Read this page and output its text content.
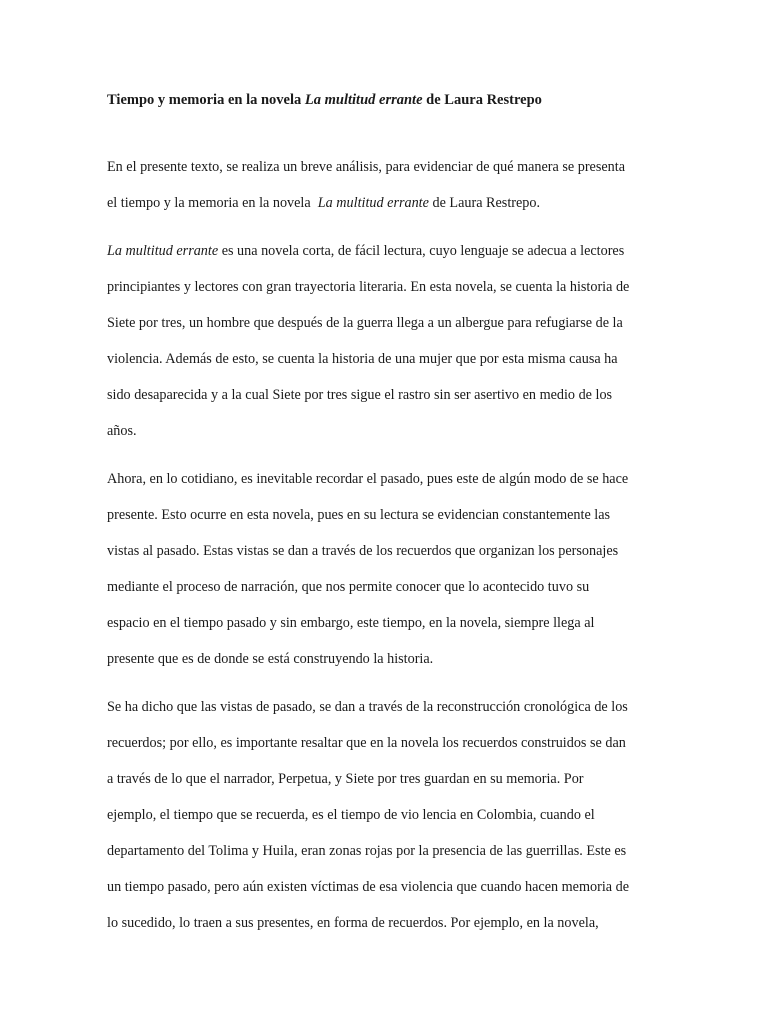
Tiempo y memoria en la novela La multitud errante de Laura Restrepo

En el presente texto, se realiza un breve análisis, para evidenciar de qué manera se presenta

el tiempo y la memoria en la novela  La multitud errante de Laura Restrepo.

La multitud errante es una novela corta, de fácil lectura, cuyo lenguaje se adecua a lectores

principiantes y lectores con gran trayectoria literaria. En esta novela, se cuenta la historia de

Siete por tres, un hombre que después de la guerra llega a un albergue para refugiarse de la

violencia. Además de esto, se cuenta la historia de una mujer que por esta misma causa ha

sido desaparecida y a la cual Siete por tres sigue el rastro sin ser asertivo en medio de los

años.

Ahora, en lo cotidiano, es inevitable recordar el pasado, pues este de algún modo de se hace

presente. Esto ocurre en esta novela, pues en su lectura se evidencian constantemente las

vistas al pasado. Estas vistas se dan a través de los recuerdos que organizan los personajes

mediante el proceso de narración, que nos permite conocer que lo acontecido tuvo su

espacio en el tiempo pasado y sin embargo, este tiempo, en la novela, siempre llega al

presente que es de donde se está construyendo la historia.

Se ha dicho que las vistas de pasado, se dan a través de la reconstrucción cronológica de los

recuerdos; por ello, es importante resaltar que en la novela los recuerdos construidos se dan

a través de lo que el narrador, Perpetua, y Siete por tres guardan en su memoria. Por

ejemplo, el tiempo que se recuerda, es el tiempo de vio lencia en Colombia, cuando el

departamento del Tolima y Huila, eran zonas rojas por la presencia de las guerrillas. Este es

un tiempo pasado, pero aún existen víctimas de esa violencia que cuando hacen memoria de

lo sucedido, lo traen a sus presentes, en forma de recuerdos. Por ejemplo, en la novela,
